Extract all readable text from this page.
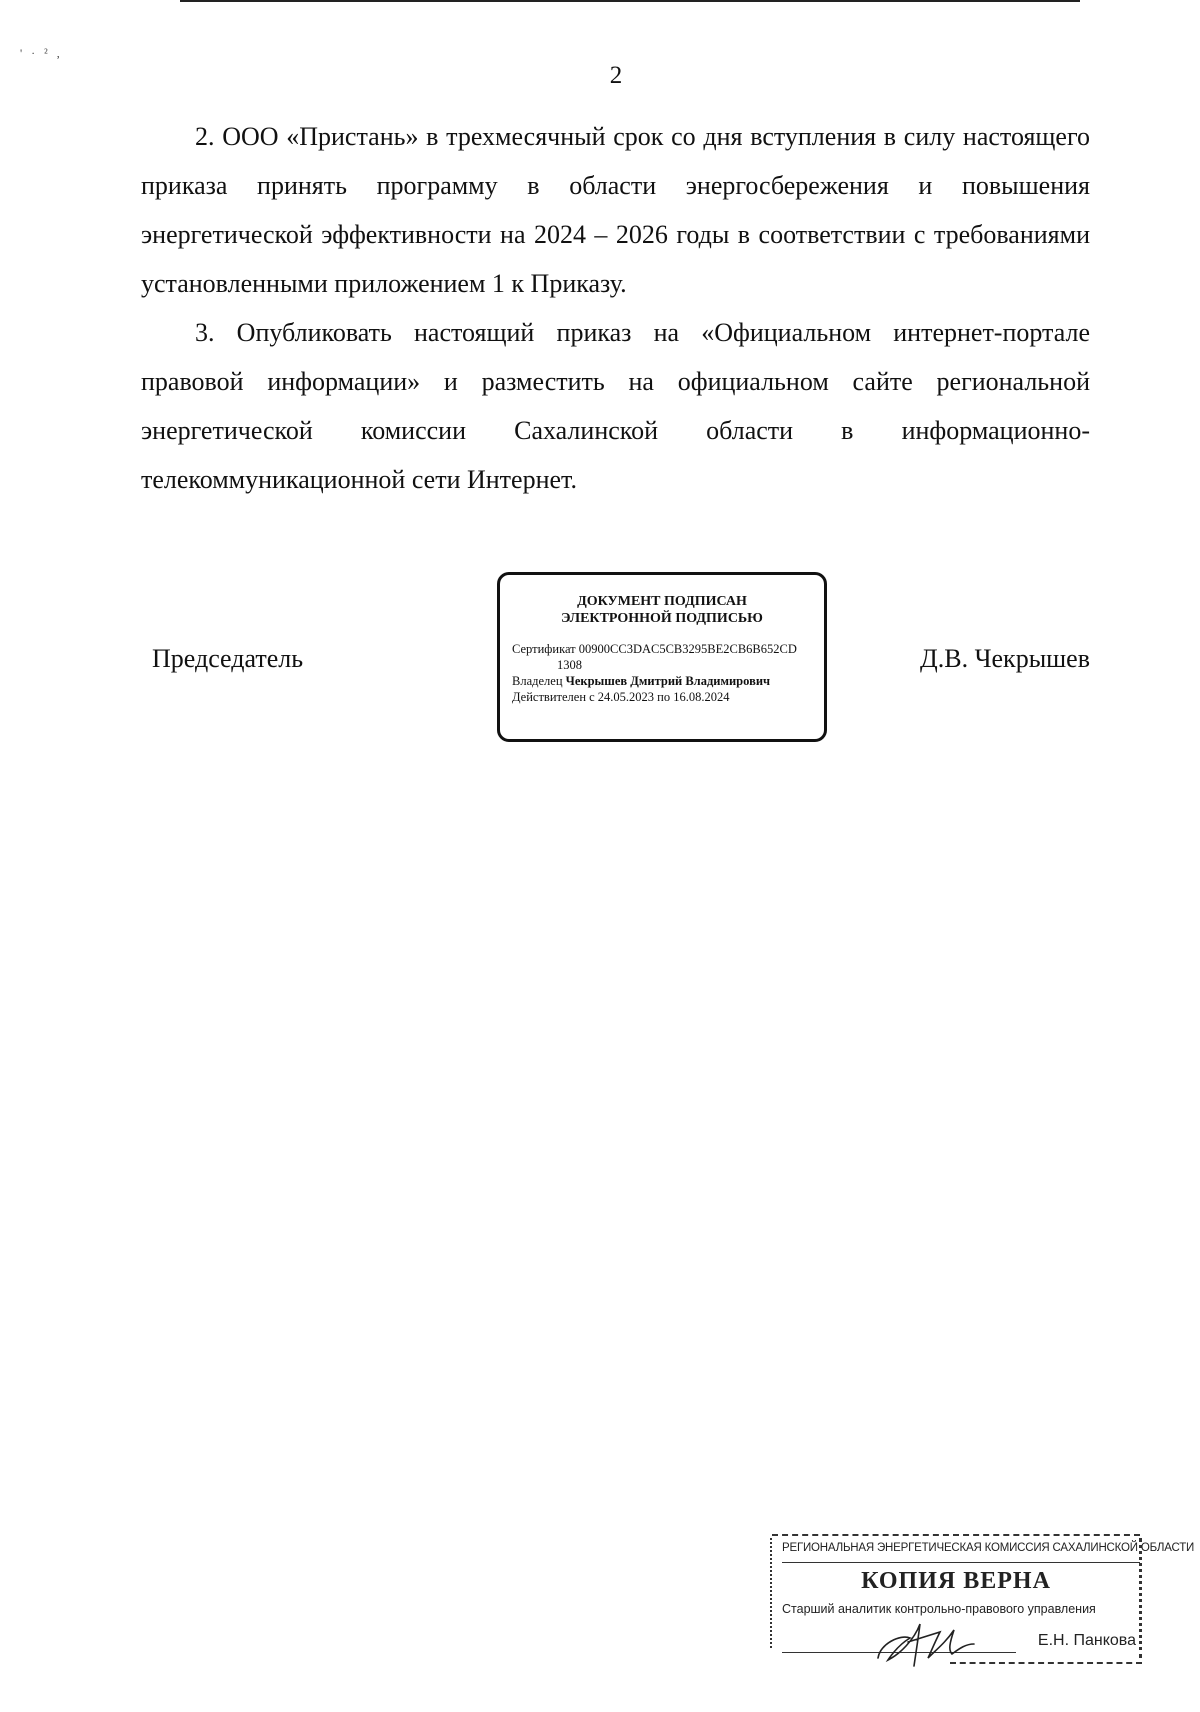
' · ² ,
2

2. ООО «Пристань» в трехмесячный срок со дня вступления в силу настоящего приказа принять программу в области энергосбережения и повышения энергетической эффективности на 2024 – 2026 годы в соответствии с требованиями установленными приложением 1 к Приказу.

3. Опубликовать настоящий приказ на «Официальном интернет-портале правовой информации» и разместить на официальном сайте региональной энергетической комиссии Сахалинской области в информационно-телекоммуникационной сети Интернет.

Председатель
ДОКУМЕНТ ПОДПИСАН
ЭЛЕКТРОННОЙ ПОДПИСЬЮ
Сертификат 00900CC3DAC5CB3295BE2CB6B652CD
1308
Владелец Чекрышев Дмитрий Владимирович
Действителен с 24.05.2023 по 16.08.2024
Д.В. Чекрышев
РЕГИОНАЛЬНАЯ ЭНЕРГЕТИЧЕСКАЯ КОМИССИЯ САХАЛИНСКОЙ ОБЛАСТИ
КОПИЯ ВЕРНА
Старший аналитик контрольно-правового управления
Е.Н. Панкова
